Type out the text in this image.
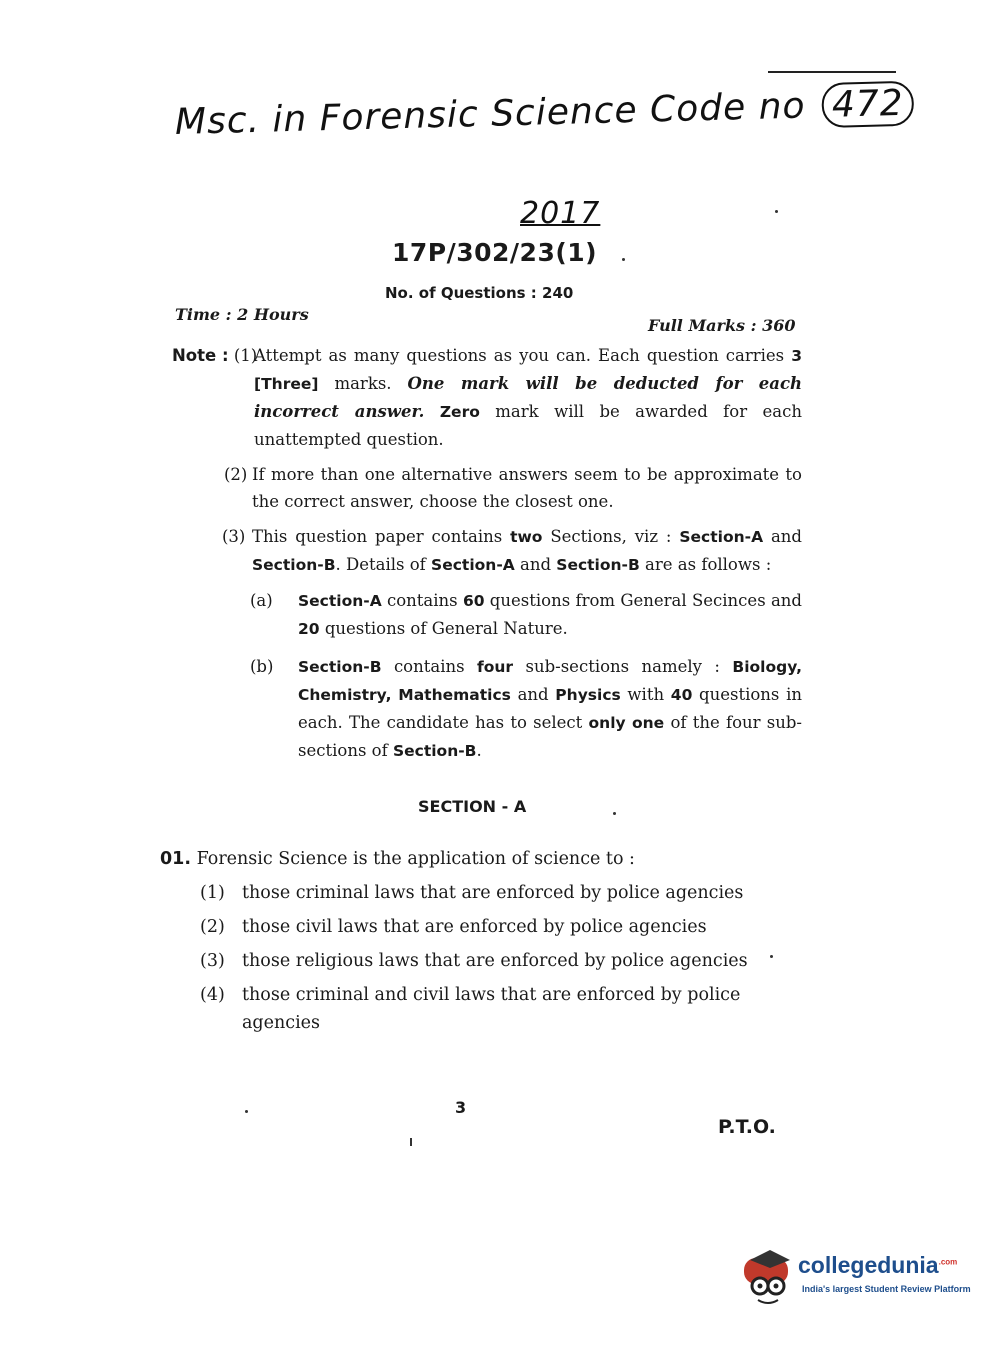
Msc. in Forensic Science Code no 472
2017
17P/302/23(1)
No. of Questions : 240
Time : 2 Hours
Full Marks : 360
Note : (1)
Attempt as many questions as you can. Each question carries 3 [Three] marks. One mark will be deducted for each incorrect answer. Zero mark will be awarded for each unattempted question.
(2) If more than one alternative answers seem to be approximate to the correct answer, choose the closest one.
(3) This question paper contains two Sections, viz : Section-A and Section-B. Details of Section-A and Section-B are as follows :
(a) Section-A contains 60 questions from General Secinces and 20 questions of General Nature.
(b) Section-B contains four sub-sections namely : Biology, Chemistry, Mathematics and Physics with 40 questions in each. The candidate has to select only one of the four sub-sections of Section-B.
SECTION - A
01. Forensic Science is the application of science to :
(1) those criminal laws that are enforced by police agencies
(2) those civil laws that are enforced by police agencies
(3) those religious laws that are enforced by police agencies
(4) those criminal and civil laws that are enforced by police agencies
3
P.T.O.
collegedunia$^{.com}$
India's largest Student Review Platform
